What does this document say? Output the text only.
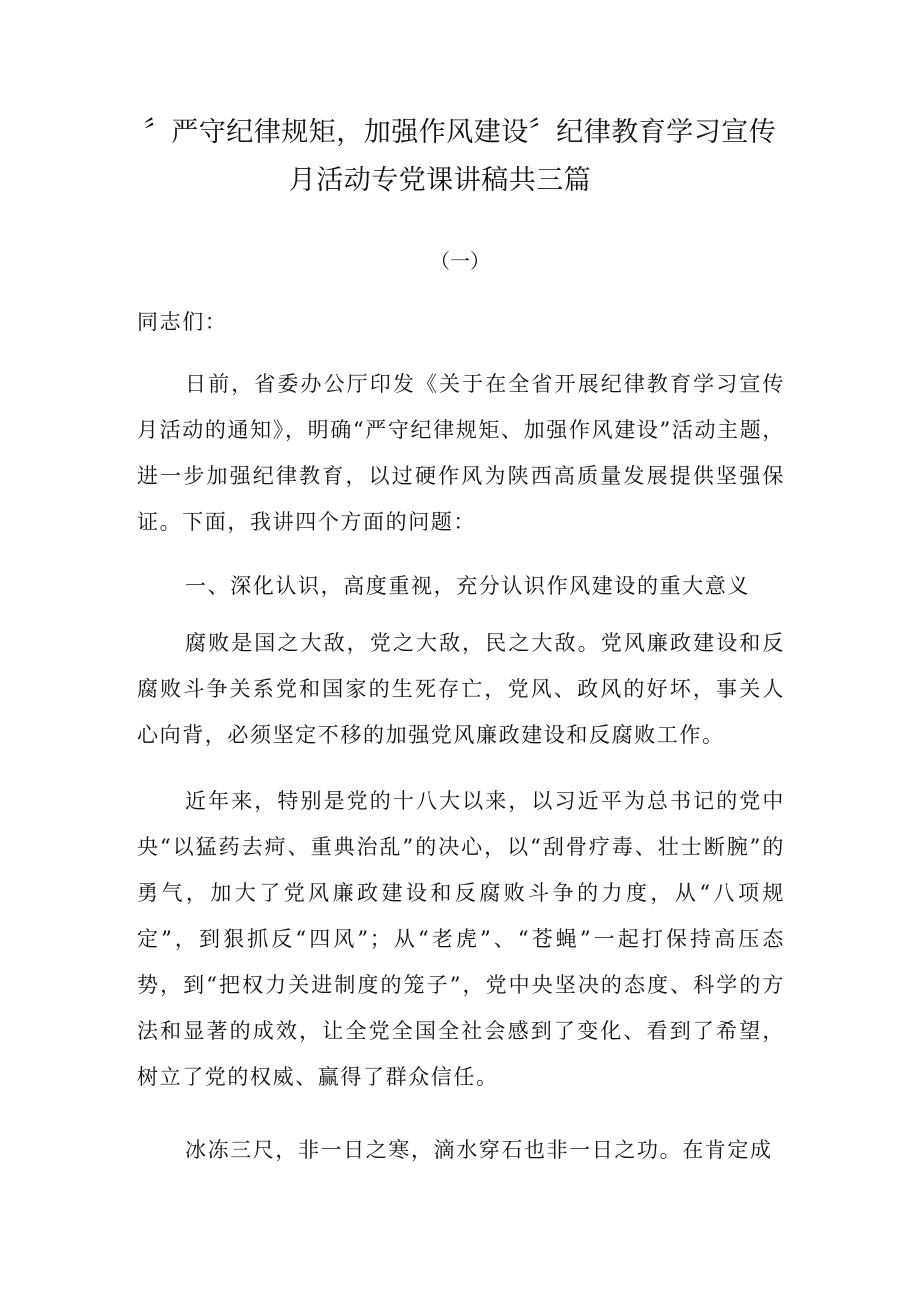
〞严守纪律规矩，加强作风建设〞纪律教育学习宣传
月活动专党课讲稿共三篇
（一）

同志们：

日前，省委办公厅印发《关于在全省开展纪律教育学习宣传月活动的通知》，明确“严守纪律规矩、加强作风建设”活动主题，进一步加强纪律教育，以过硬作风为陕西高质量发展提供坚强保证。下面，我讲四个方面的问题：

一、深化认识，高度重视，充分认识作风建设的重大意义

腐败是国之大敌，党之大敌，民之大敌。党风廉政建设和反腐败斗争关系党和国家的生死存亡，党风、政风的好坏，事关人心向背，必须坚定不移的加强党风廉政建设和反腐败工作。

近年来，特别是党的十八大以来，以习近平为总书记的党中央“以猛药去疴、重典治乱”的决心，以“刮骨疗毒、壮士断腕”的勇气，加大了党风廉政建设和反腐败斗争的力度，从“八项规定”，到狠抓反“四风”；从“老虎”、“苍蝇”一起打保持高压态势，到“把权力关进制度的笼子”，党中央坚决的态度、科学的方法和显著的成效，让全党全国全社会感到了变化、看到了希望，树立了党的权威、赢得了群众信任。

冰冻三尺，非一日之寒，滴水穿石也非一日之功。在肯定成
